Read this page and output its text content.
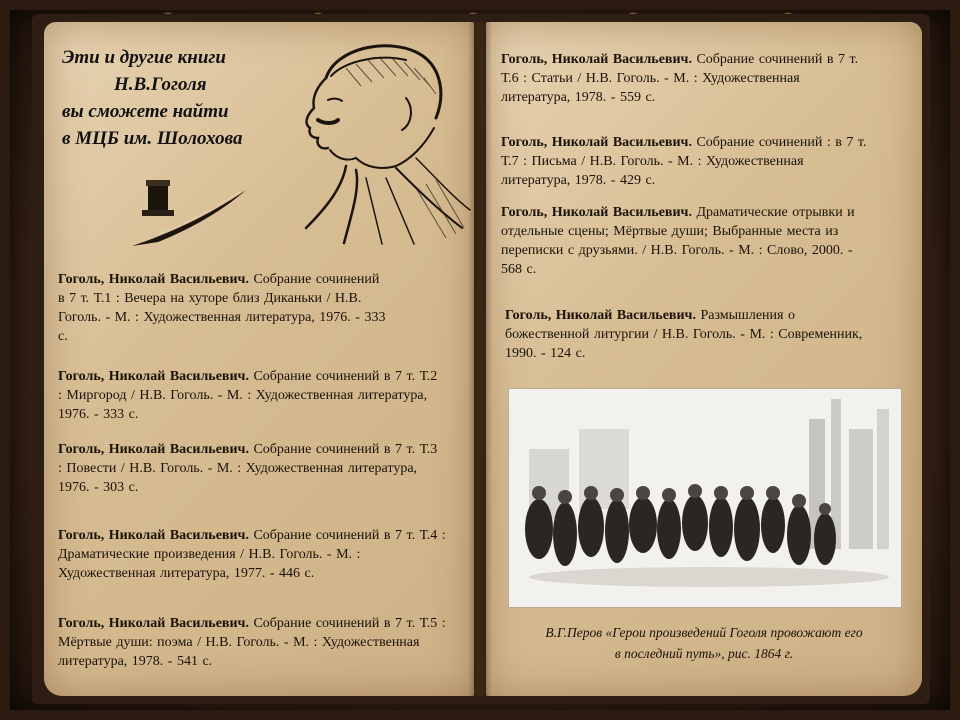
Эти и другие книги
Н.В.Гоголя
вы сможете найти
в МЦБ им. Шолохова
Гоголь, Николай Васильевич. Собрание сочинений в 7 т. Т.1 : Вечера на хуторе близ Диканьки / Н.В. Гоголь. - М. : Художественная литература, 1976. - 333 с.
Гоголь, Николай Васильевич. Собрание сочинений в 7 т. Т.2 : Миргород / Н.В. Гоголь. - М. : Художественная литература, 1976. - 333 с.
Гоголь, Николай Васильевич. Собрание сочинений в 7 т. Т.3 : Повести / Н.В. Гоголь. - М. : Художественная литература, 1976. - 303 с.
Гоголь, Николай Васильевич. Собрание сочинений в 7 т. Т.4 : Драматические произведения / Н.В. Гоголь. - М. : Художественная литература, 1977. - 446 с.
Гоголь, Николай Васильевич. Собрание сочинений в 7 т. Т.5 : Мёртвые души: поэма / Н.В. Гоголь. - М. : Художественная литература, 1978. - 541 с.
Гоголь, Николай Васильевич. Собрание сочинений в 7 т. Т.6 : Статьи / Н.В. Гоголь. - М. : Художественная литература, 1978. - 559 с.
Гоголь, Николай Васильевич. Собрание сочинений : в 7 т. Т.7 : Письма / Н.В. Гоголь. - М. : Художественная литература, 1978. - 429 с.
Гоголь, Николай Васильевич. Драматические отрывки и отдельные сцены; Мёртвые души; Выбранные места из переписки с друзьями. / Н.В. Гоголь. - М. : Слово, 2000. - 568 с.
Гоголь, Николай Васильевич. Размышления о божественной литургии / Н.В. Гоголь. - М. : Современник, 1990. - 124 с.
В.Г.Перов «Герои произведений Гоголя провожают его
в последний путь», рис. 1864 г.
